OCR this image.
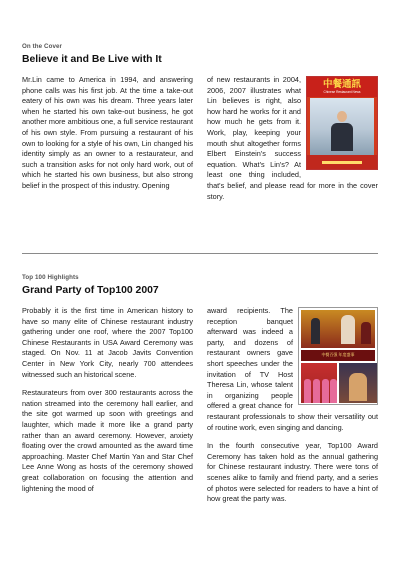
On the Cover
Believe it and Be Live with It

Mr.Lin came to America in 1994, and answering phone calls was his first job. At the time a take-out eatery of his own was his dream. Three years later when he started his own take-out business, he got another more ambitious one, a full service restaurant of his own style. From pursuing a restaurant of his own to looking for a style of his own, Lin changed his identity simply as an owner to a restaurateur, and such a transition asks for not only hard work, out of which he started his own business, but also strong belief in the prospect of this industry. Opening

中餐通訊
Chinese Restaurant News

of new restaurants in 2004, 2006, 2007 illustrates what Lin believes is right, also how hard he works for it and how much he gets from it. Work, play, keeping your mouth shut altogether forms Elbert Einstein's success equation. What's Lin's? At least one thing included, that's belief, and please read for more in the cover story.

Top 100 Highlights
Grand Party of Top100 2007

Probably it is the first time in American history to have so many elite of Chinese restaurant industry gathering under one roof, where the 2007 Top100 Chinese Restaurants in USA Award Ceremony was staged. On Nov. 11 at Jacob Javits Convention Center in New York City, nearly 700 attendees witnessed such an historical scene.

Restaurateurs from over 300 restaurants across the nation streamed into the ceremony hall earlier, and the site got warmed up soon with greetings and laughter, which made it more like a grand party rather than an award ceremony. However, anxiety floating over the crowd amounted as the award time approaching. Master Chef Martin Yan and Star Chef Lee Anne Wong as hosts of the ceremony showed great collaboration on focusing the attention and lightening the mood of

中餐百强 年度盛事

award recipients. The reception banquet afterward was indeed a party, and dozens of restaurant owners gave short speeches under the invitation of TV Host Theresa Lin, whose talent in organizing people offered a great chance for restaurant professionals to show their versatility out of routine work, even singing and dancing.

In the fourth consecutive year, Top100 Award Ceremony has taken hold as the annual gathering for Chinese restaurant industry. There were tons of scenes alike to family and friend party, and a series of photos were selected for readers to have a hint of how great the party was.
